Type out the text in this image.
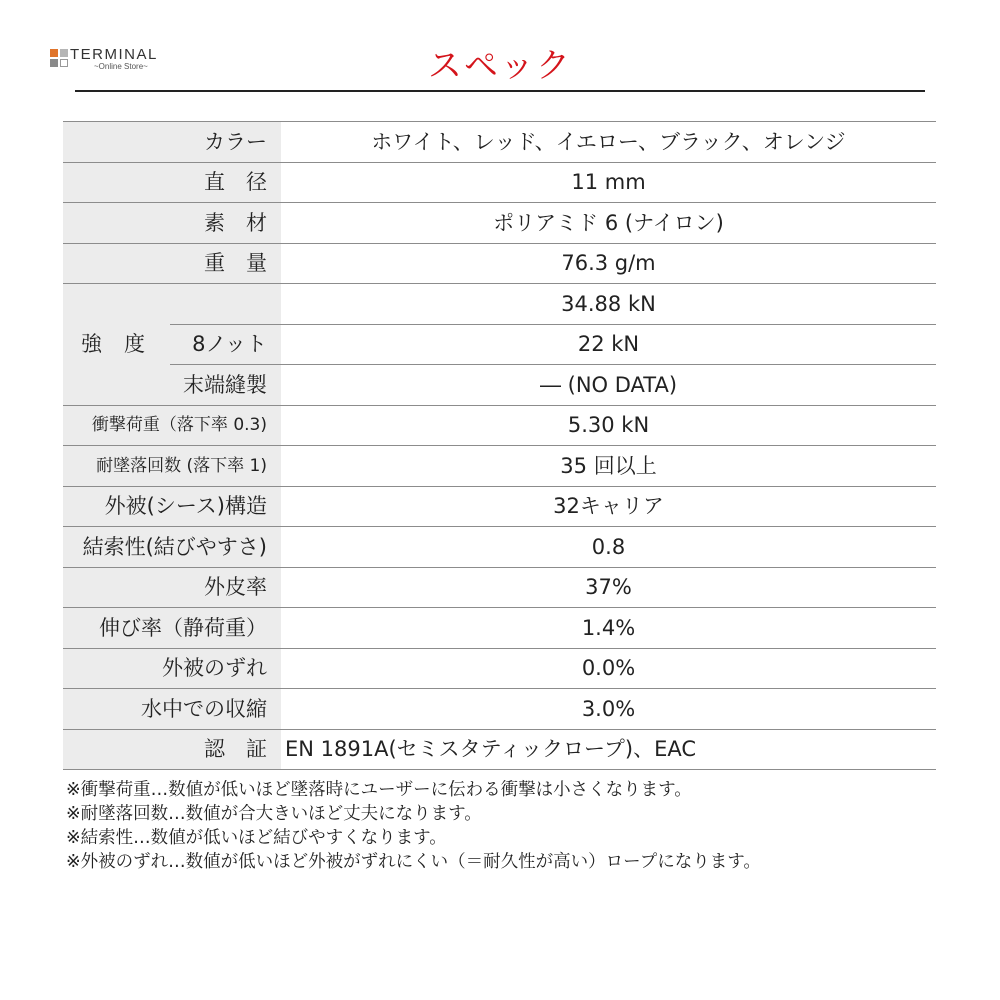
TERMINAL
~Online Store~	スペック
カラー		ホワイト、レッド、イエロー、ブラック、オレンジ
直　径		11 mm
素　材		ポリアミド 6 (ナイロン)
重　量		76.3 g/m
強度		34.88 kN
	8ノット	22 kN
	末端縫製	― (NO DATA)
衝撃荷重（落下率 0.3)		5.30 kN
耐墜落回数 (落下率 1)		35 回以上
外被(シース)構造		32キャリア
結索性(結びやすさ)		0.8
外皮率		37%
伸び率（静荷重）		1.4%
外被のずれ		0.0%
水中での収縮		3.0%
認　証		EN 1891A(セミスタティックロープ)、EAC
※衝撃荷重…数値が低いほど墜落時にユーザーに伝わる衝撃は小さくなります。
※耐墜落回数…数値が合大きいほど丈夫になります。
※結索性…数値が低いほど結びやすくなります。
※外被のずれ…数値が低いほど外被がずれにくい（＝耐久性が高い）ロープになります。
